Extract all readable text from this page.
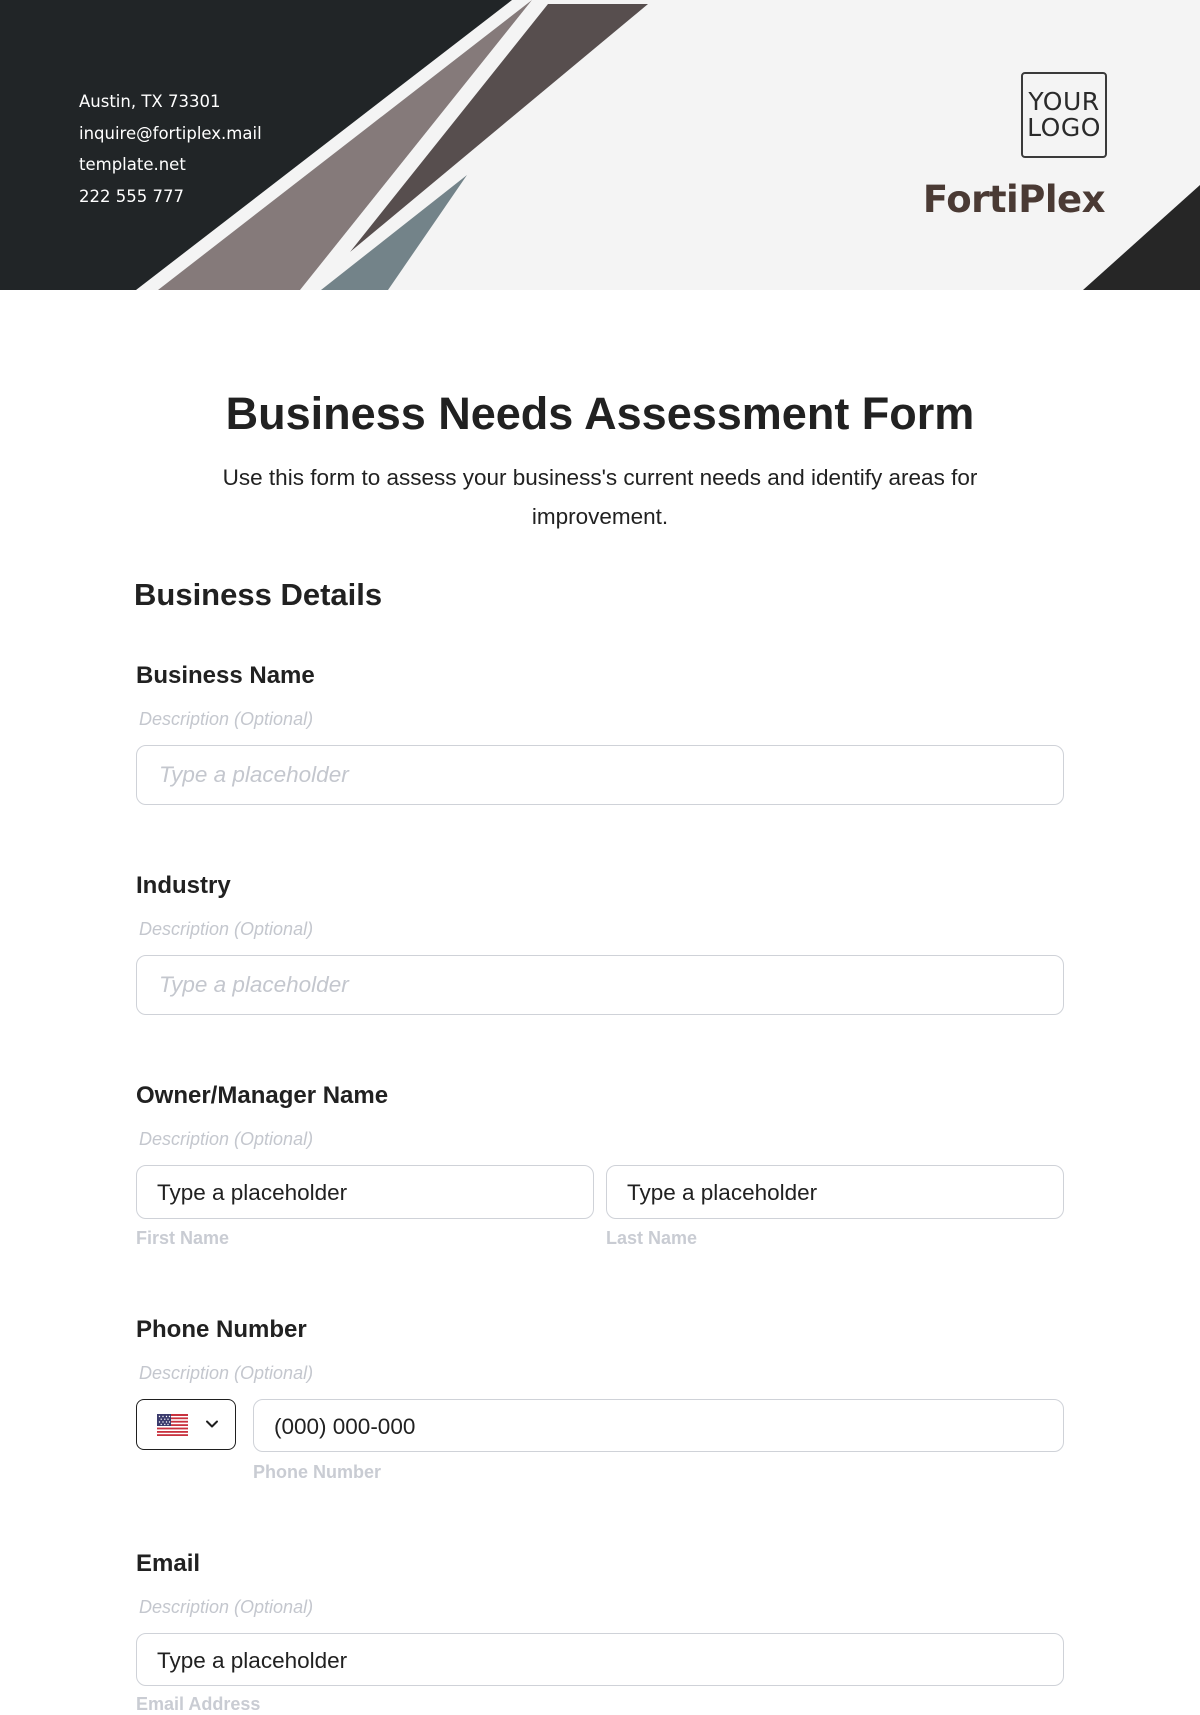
Austin, TX 73301
inquire@fortiplex.mail
template.net
222 555 777
YOUR
LOGO
FortiPlex
Business Needs Assessment Form
Use this form to assess your business's current needs and identify areas for improvement.
Business Details
Business Name
Description (Optional)
Type a placeholder
Industry
Description (Optional)
Type a placeholder
Owner/Manager Name
Description (Optional)
Type a placeholder	Type a placeholder
First Name	Last Name
Phone Number
Description (Optional)
(000) 000-000
Phone Number
Email
Description (Optional)
Type a placeholder
Email Address
